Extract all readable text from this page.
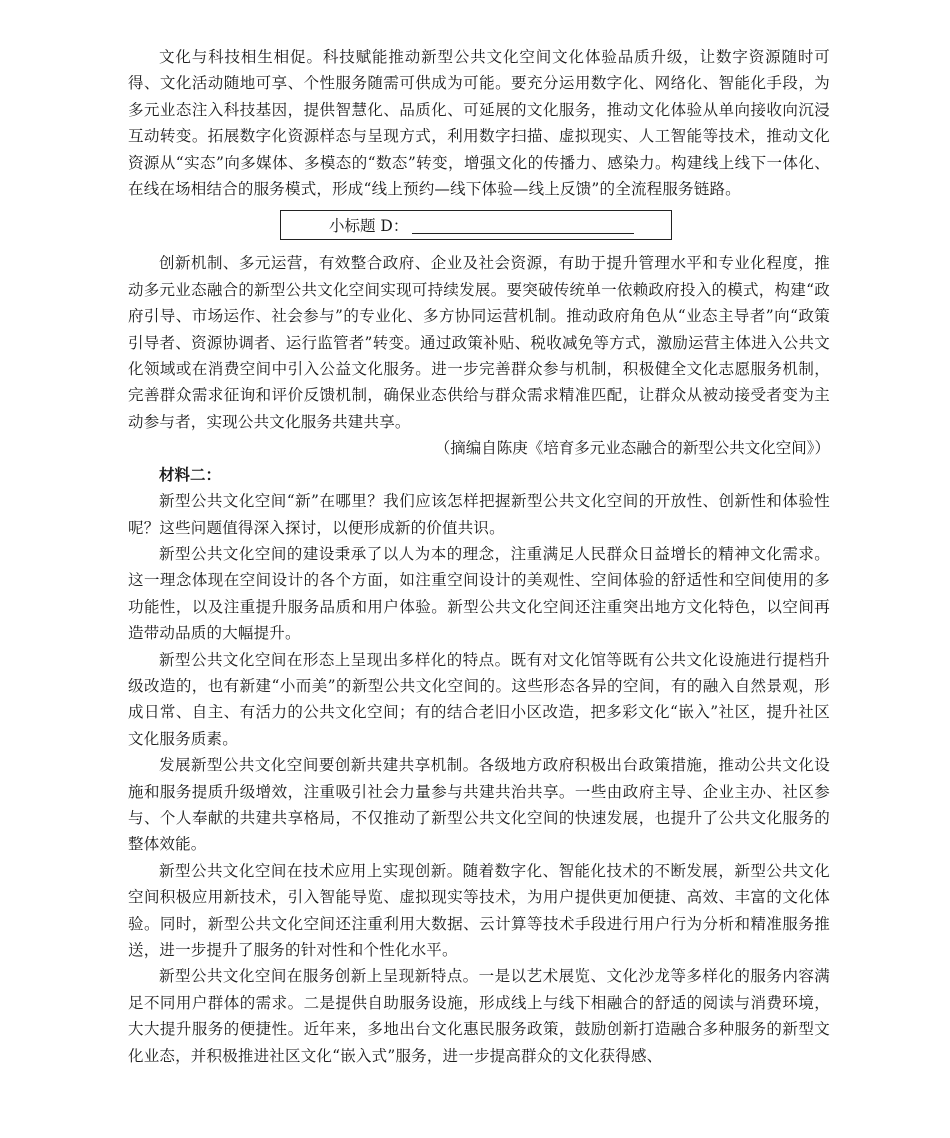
文化与科技相生相促。科技赋能推动新型公共文化空间文化体验品质升级，让数字资源随时可得、文化活动随地可享、个性服务随需可供成为可能。要充分运用数字化、网络化、智能化手段，为多元业态注入科技基因，提供智慧化、品质化、可延展的文化服务，推动文化体验从单向接收向沉浸互动转变。拓展数字化资源样态与呈现方式，利用数字扫描、虚拟现实、人工智能等技术，推动文化资源从“实态”向多媒体、多模态的“数态”转变，增强文化的传播力、感染力。构建线上线下一体化、在线在场相结合的服务模式，形成“线上预约—线下体验—线上反馈”的全流程服务链路。

小标题 D：

创新机制、多元运营，有效整合政府、企业及社会资源，有助于提升管理水平和专业化程度，推动多元业态融合的新型公共文化空间实现可持续发展。要突破传统单一依赖政府投入的模式，构建“政府引导、市场运作、社会参与”的专业化、多方协同运营机制。推动政府角色从“业态主导者”向“政策引导者、资源协调者、运行监管者”转变。通过政策补贴、税收减免等方式，激励运营主体进入公共文化领域或在消费空间中引入公益文化服务。进一步完善群众参与机制，积极健全文化志愿服务机制，完善群众需求征询和评价反馈机制，确保业态供给与群众需求精准匹配，让群众从被动接受者变为主动参与者，实现公共文化服务共建共享。

（摘编自陈庚《培育多元业态融合的新型公共文化空间》）

材料二：

新型公共文化空间“新”在哪里？我们应该怎样把握新型公共文化空间的开放性、创新性和体验性呢？这些问题值得深入探讨，以便形成新的价值共识。

新型公共文化空间的建设秉承了以人为本的理念，注重满足人民群众日益增长的精神文化需求。这一理念体现在空间设计的各个方面，如注重空间设计的美观性、空间体验的舒适性和空间使用的多功能性，以及注重提升服务品质和用户体验。新型公共文化空间还注重突出地方文化特色，以空间再造带动品质的大幅提升。

新型公共文化空间在形态上呈现出多样化的特点。既有对文化馆等既有公共文化设施进行提档升级改造的，也有新建“小而美”的新型公共文化空间的。这些形态各异的空间，有的融入自然景观，形成日常、自主、有活力的公共文化空间；有的结合老旧小区改造，把多彩文化“嵌入”社区，提升社区文化服务质素。

发展新型公共文化空间要创新共建共享机制。各级地方政府积极出台政策措施，推动公共文化设施和服务提质升级增效，注重吸引社会力量参与共建共治共享。一些由政府主导、企业主办、社区参与、个人奉献的共建共享格局，不仅推动了新型公共文化空间的快速发展，也提升了公共文化服务的整体效能。

新型公共文化空间在技术应用上实现创新。随着数字化、智能化技术的不断发展，新型公共文化空间积极应用新技术，引入智能导览、虚拟现实等技术，为用户提供更加便捷、高效、丰富的文化体验。同时，新型公共文化空间还注重利用大数据、云计算等技术手段进行用户行为分析和精准服务推送，进一步提升了服务的针对性和个性化水平。

新型公共文化空间在服务创新上呈现新特点。一是以艺术展览、文化沙龙等多样化的服务内容满足不同用户群体的需求。二是提供自助服务设施，形成线上与线下相融合的舒适的阅读与消费环境，大大提升服务的便捷性。近年来，多地出台文化惠民服务政策，鼓励创新打造融合多种服务的新型文化业态，并积极推进社区文化“嵌入式”服务，进一步提高群众的文化获得感、
